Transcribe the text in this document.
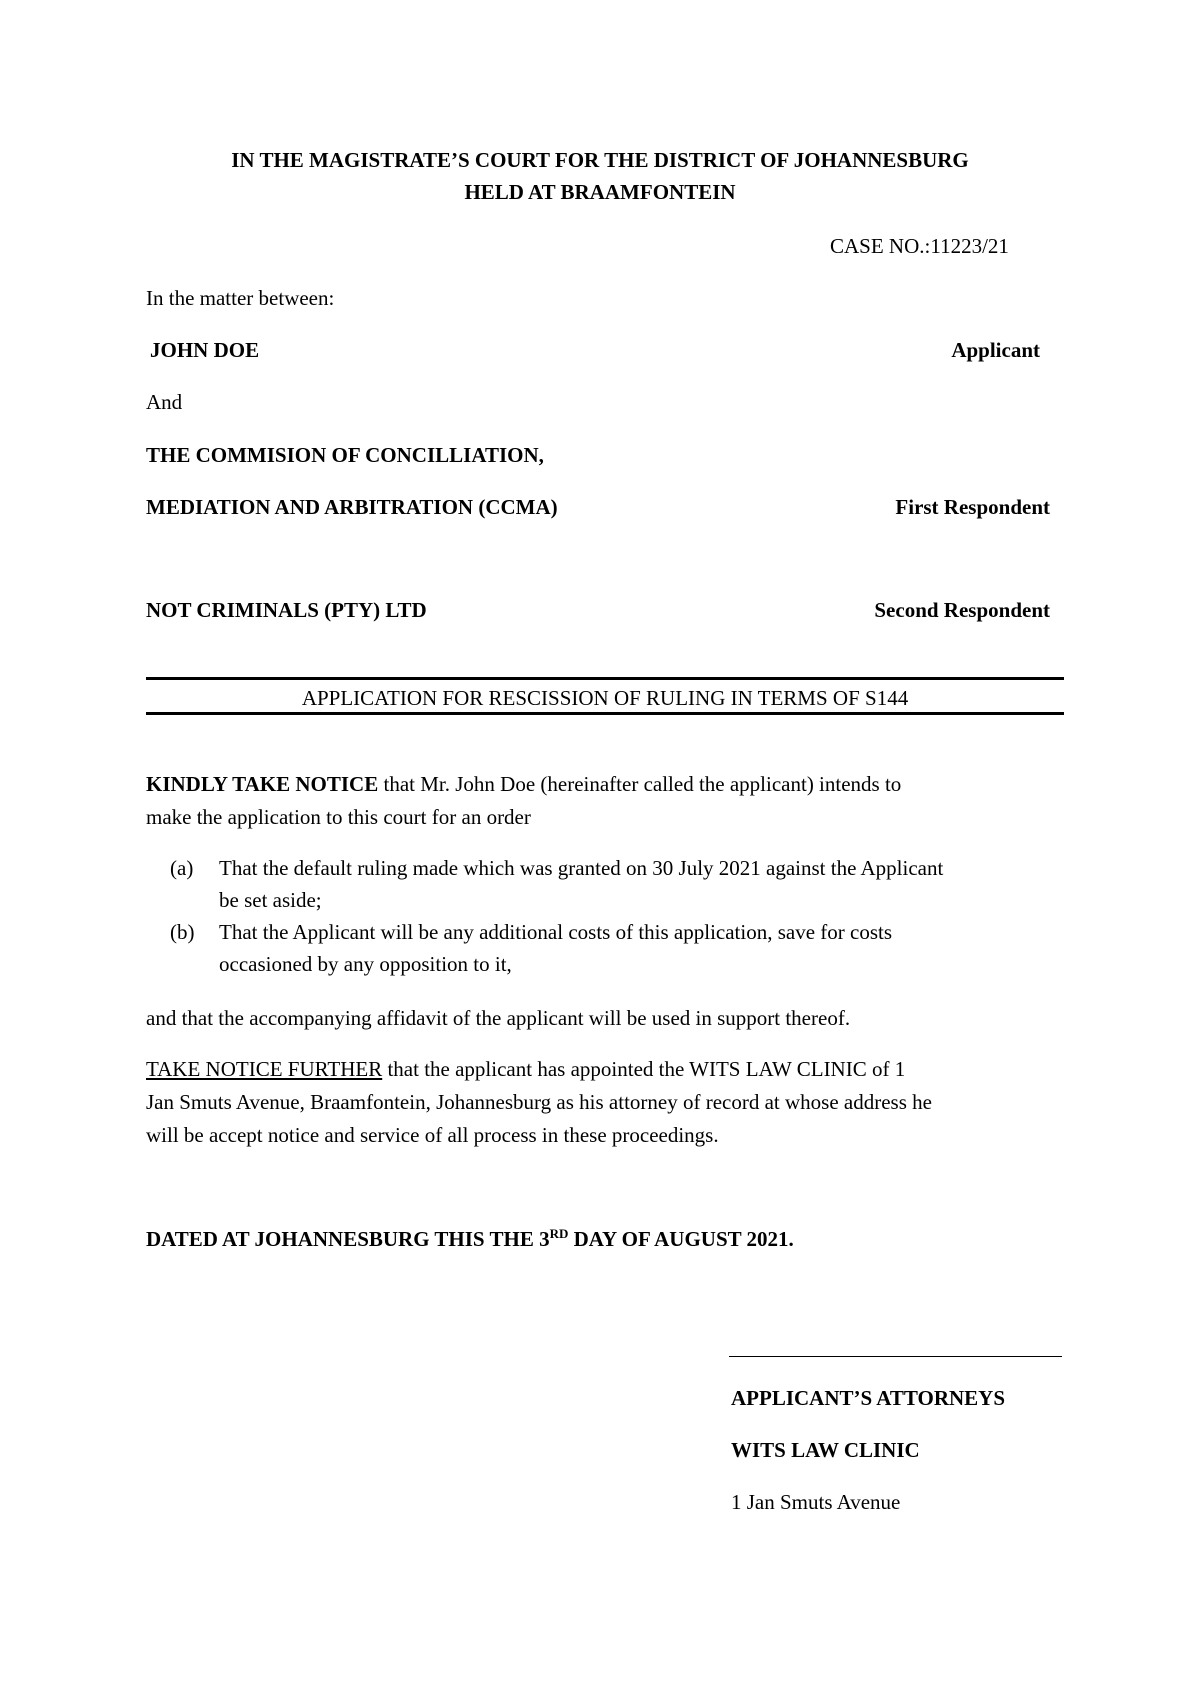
IN THE MAGISTRATE’S COURT FOR THE DISTRICT OF JOHANNESBURG
HELD AT BRAAMFONTEIN
CASE NO.:11223/21
In the matter between:
JOHN DOE	Applicant
And
THE COMMISION OF CONCILLIATION,
MEDIATION AND ARBITRATION (CCMA)	First Respondent
NOT CRIMINALS (PTY) LTD	Second Respondent
APPLICATION FOR RESCISSION OF RULING IN TERMS OF S144
KINDLY TAKE NOTICE that Mr. John Doe (hereinafter called the applicant) intends to
make the application to this court for an order
(a) That the default ruling made which was granted on 30 July 2021 against the Applicant
be set aside;
(b) That the Applicant will be any additional costs of this application, save for costs
occasioned by any opposition to it,
and that the accompanying affidavit of the applicant will be used in support thereof.
TAKE NOTICE FURTHER that the applicant has appointed the WITS LAW CLINIC of 1
Jan Smuts Avenue, Braamfontein, Johannesburg as his attorney of record at whose address he
will be accept notice and service of all process in these proceedings.
DATED AT JOHANNESBURG THIS THE 3RD DAY OF AUGUST 2021.
APPLICANT’S ATTORNEYS
WITS LAW CLINIC
1 Jan Smuts Avenue
